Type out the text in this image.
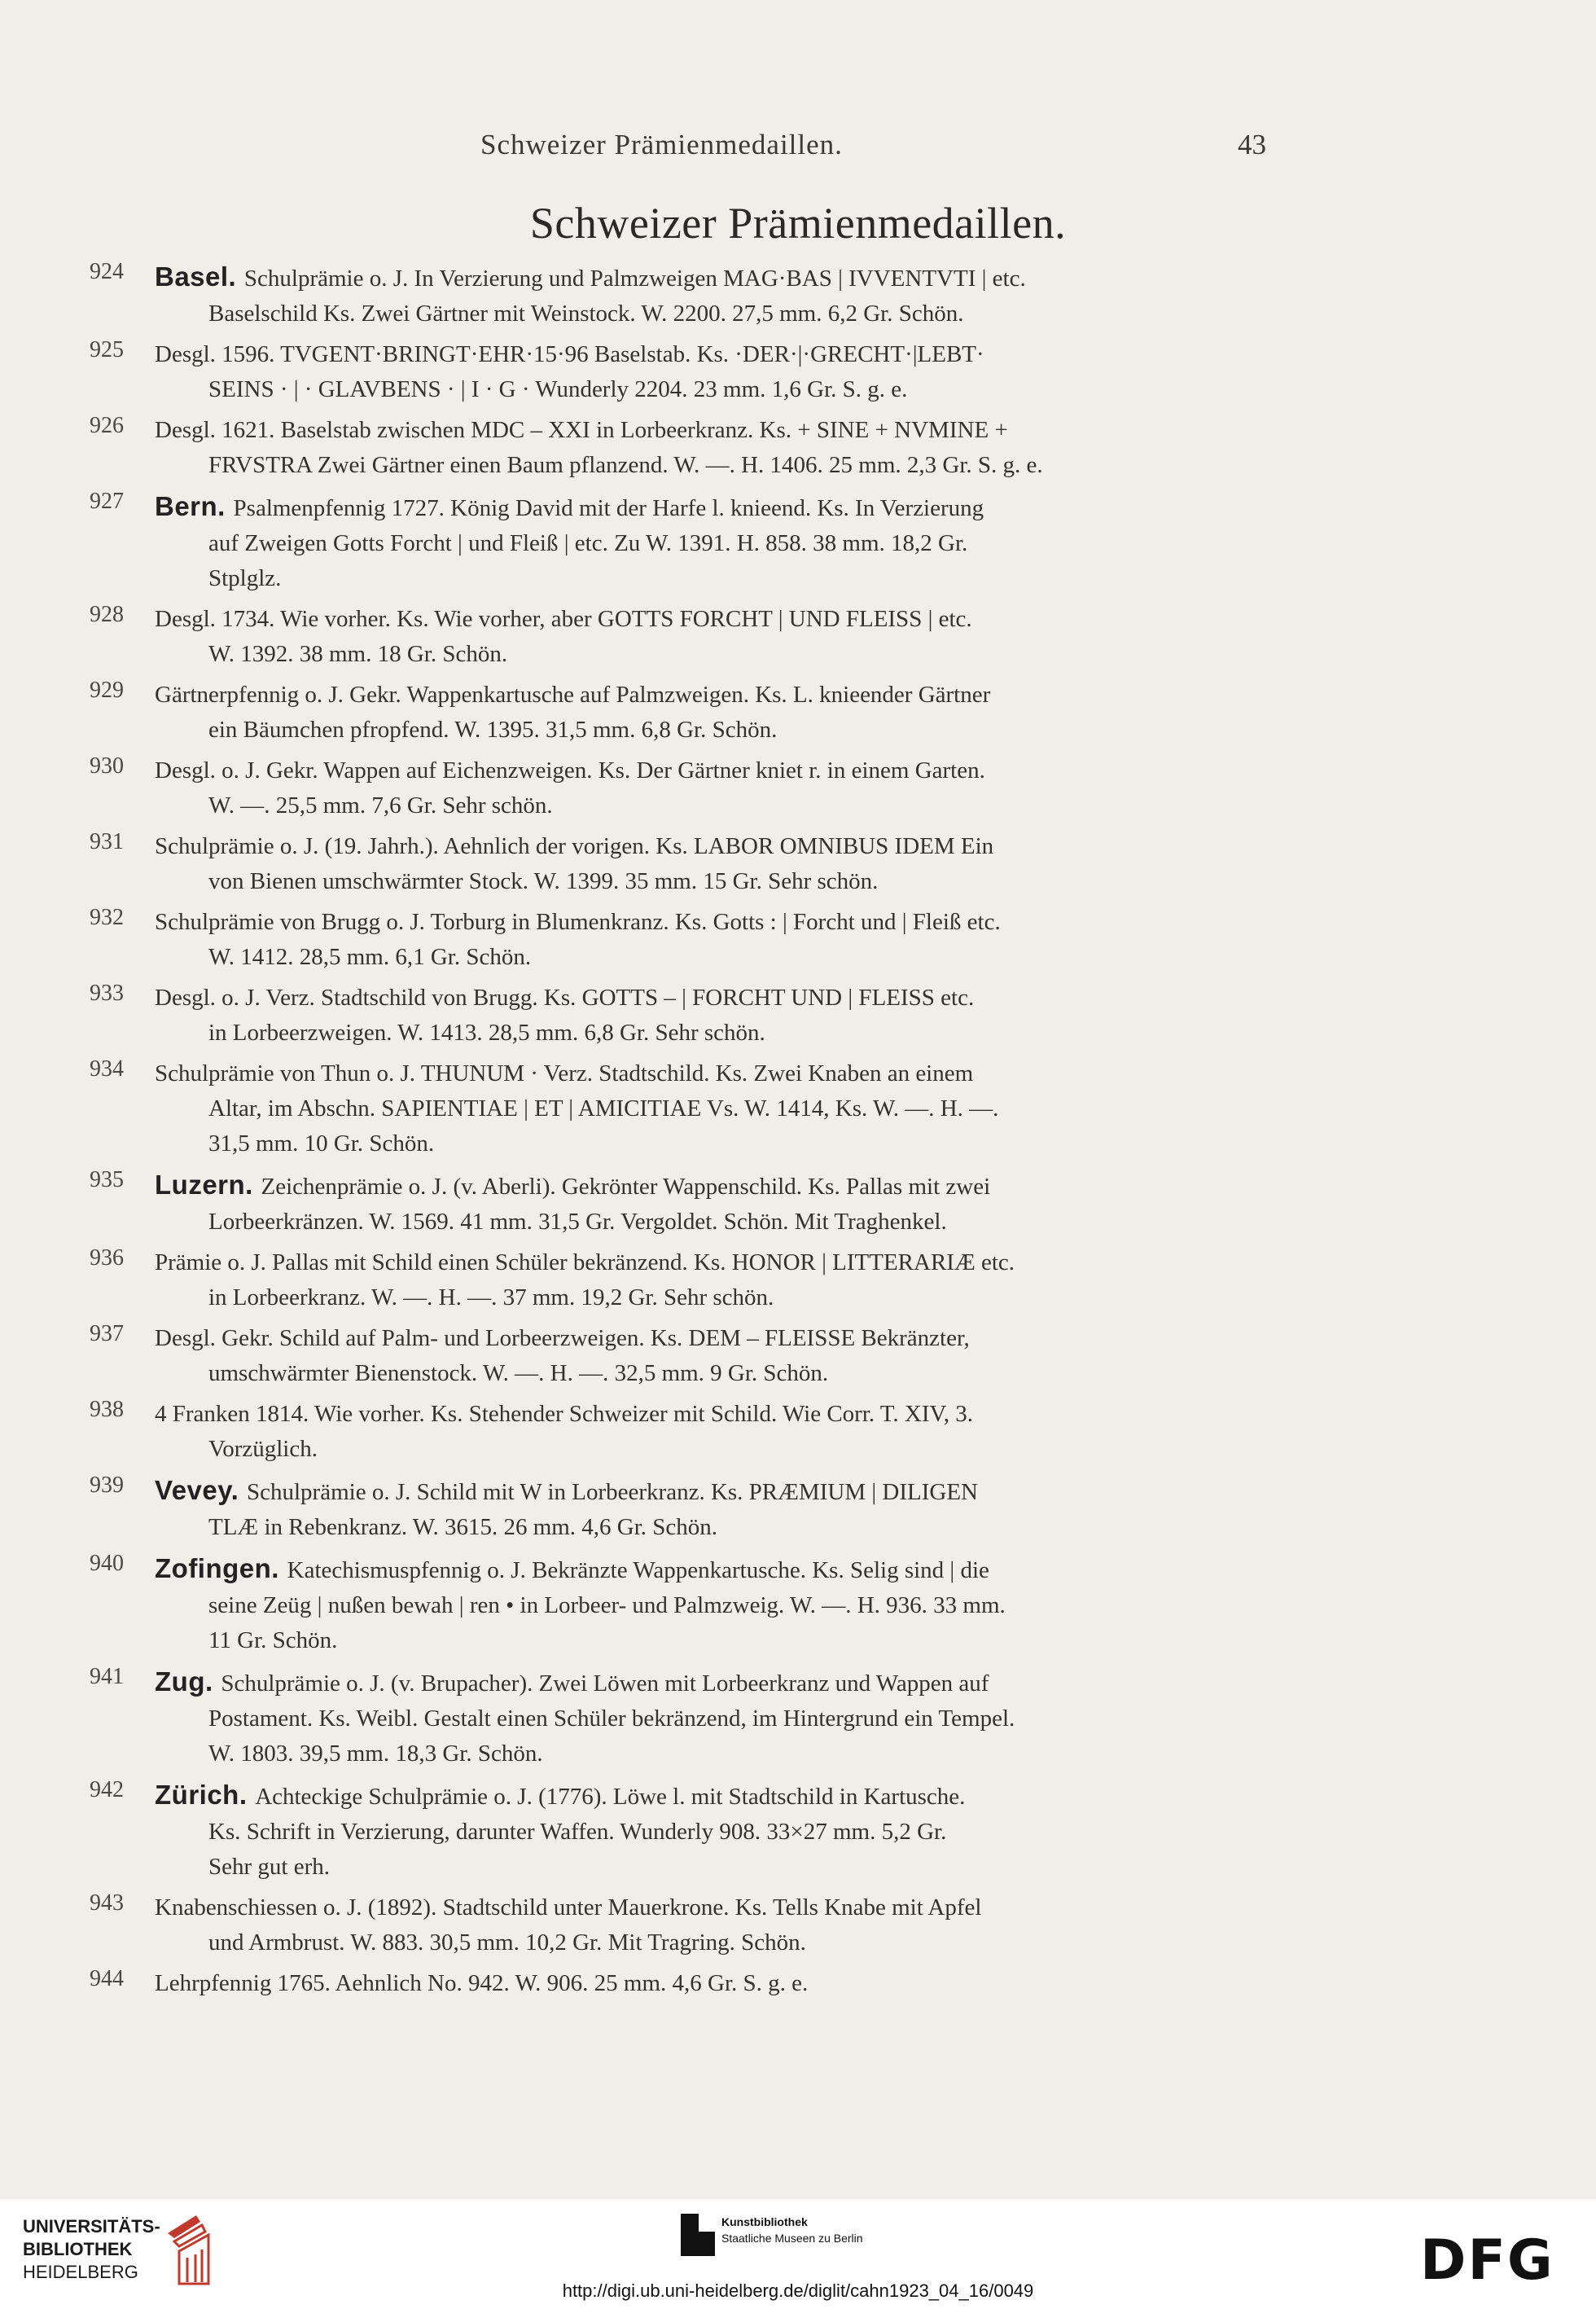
Schweizer Prämienmedaillen.	43
Schweizer Prämienmedaillen.
924	Basel. Schulprämie o. J. In Verzierung und Palmzweigen MAG·BAS | IVVENTVTI | etc.
Baselschild Ks. Zwei Gärtner mit Weinstock. W. 2200. 27,5 mm. 6,2 Gr. Schön.
925	Desgl. 1596. TVGENT·BRINGT·EHR·15·96 Baselstab. Ks. ·DER·|·GRECHT·|LEBT·
SEINS · | · GLAVBENS · | I · G · Wunderly 2204. 23 mm. 1,6 Gr. S. g. e.
926	Desgl. 1621. Baselstab zwischen MDC – XXI in Lorbeerkranz. Ks. + SINE + NVMINE +
FRVSTRA Zwei Gärtner einen Baum pflanzend. W. —. H. 1406. 25 mm. 2,3 Gr. S. g. e.
927	Bern. Psalmenpfennig 1727. König David mit der Harfe l. knieend. Ks. In Verzierung
auf Zweigen Gotts Forcht | und Fleiß | etc. Zu W. 1391. H. 858. 38 mm. 18,2 Gr.
Stplglz.
928	Desgl. 1734. Wie vorher. Ks. Wie vorher, aber GOTTS FORCHT | UND FLEISS | etc.
W. 1392. 38 mm. 18 Gr. Schön.
929	Gärtnerpfennig o. J. Gekr. Wappenkartusche auf Palmzweigen. Ks. L. knieender Gärtner
ein Bäumchen pfropfend. W. 1395. 31,5 mm. 6,8 Gr. Schön.
930	Desgl. o. J. Gekr. Wappen auf Eichenzweigen. Ks. Der Gärtner kniet r. in einem Garten.
W. —. 25,5 mm. 7,6 Gr. Sehr schön.
931	Schulprämie o. J. (19. Jahrh.). Aehnlich der vorigen. Ks. LABOR OMNIBUS IDEM Ein
von Bienen umschwärmter Stock. W. 1399. 35 mm. 15 Gr. Sehr schön.
932	Schulprämie von Brugg o. J. Torburg in Blumenkranz. Ks. Gotts : | Forcht und | Fleiß etc.
W. 1412. 28,5 mm. 6,1 Gr. Schön.
933	Desgl. o. J. Verz. Stadtschild von Brugg. Ks. GOTTS – | FORCHT UND | FLEISS etc.
in Lorbeerzweigen. W. 1413. 28,5 mm. 6,8 Gr. Sehr schön.
934	Schulprämie von Thun o. J. THUNUM · Verz. Stadtschild. Ks. Zwei Knaben an einem
Altar, im Abschn. SAPIENTIAE | ET | AMICITIAE Vs. W. 1414, Ks. W. —. H. —.
31,5 mm. 10 Gr. Schön.
935	Luzern. Zeichenprämie o. J. (v. Aberli). Gekrönter Wappenschild. Ks. Pallas mit zwei
Lorbeerkränzen. W. 1569. 41 mm. 31,5 Gr. Vergoldet. Schön. Mit Traghenkel.
936	Prämie o. J. Pallas mit Schild einen Schüler bekränzend. Ks. HONOR | LITTERARIÆ etc.
in Lorbeerkranz. W. —. H. —. 37 mm. 19,2 Gr. Sehr schön.
937	Desgl. Gekr. Schild auf Palm- und Lorbeerzweigen. Ks. DEM – FLEISSE Bekränzter,
umschwärmter Bienenstock. W. —. H. —. 32,5 mm. 9 Gr. Schön.
938	4 Franken 1814. Wie vorher. Ks. Stehender Schweizer mit Schild. Wie Corr. T. XIV, 3.
Vorzüglich.
939	Vevey. Schulprämie o. J. Schild mit W in Lorbeerkranz. Ks. PRÆMIUM | DILIGEN
TLÆ in Rebenkranz. W. 3615. 26 mm. 4,6 Gr. Schön.
940	Zofingen. Katechismuspfennig o. J. Bekränzte Wappenkartusche. Ks. Selig sind | die
seine Zeüg | nußen bewah | ren • in Lorbeer- und Palmzweig. W. —. H. 936. 33 mm.
11 Gr. Schön.
941	Zug. Schulprämie o. J. (v. Brupacher). Zwei Löwen mit Lorbeerkranz und Wappen auf
Postament. Ks. Weibl. Gestalt einen Schüler bekränzend, im Hintergrund ein Tempel.
W. 1803. 39,5 mm. 18,3 Gr. Schön.
942	Zürich. Achteckige Schulprämie o. J. (1776). Löwe l. mit Stadtschild in Kartusche.
Ks. Schrift in Verzierung, darunter Waffen. Wunderly 908. 33×27 mm. 5,2 Gr.
Sehr gut erh.
943	Knabenschiessen o. J. (1892). Stadtschild unter Mauerkrone. Ks. Tells Knabe mit Apfel
und Armbrust. W. 883. 30,5 mm. 10,2 Gr. Mit Tragring. Schön.
944	Lehrpfennig 1765. Aehnlich No. 942. W. 906. 25 mm. 4,6 Gr. S. g. e.
UNIVERSITÄTS-
BIBLIOTHEK
HEIDELBERG
Kunstbibliothek
Staatliche Museen zu Berlin	DFG
http://digi.ub.uni-heidelberg.de/diglit/cahn1923_04_16/0049
